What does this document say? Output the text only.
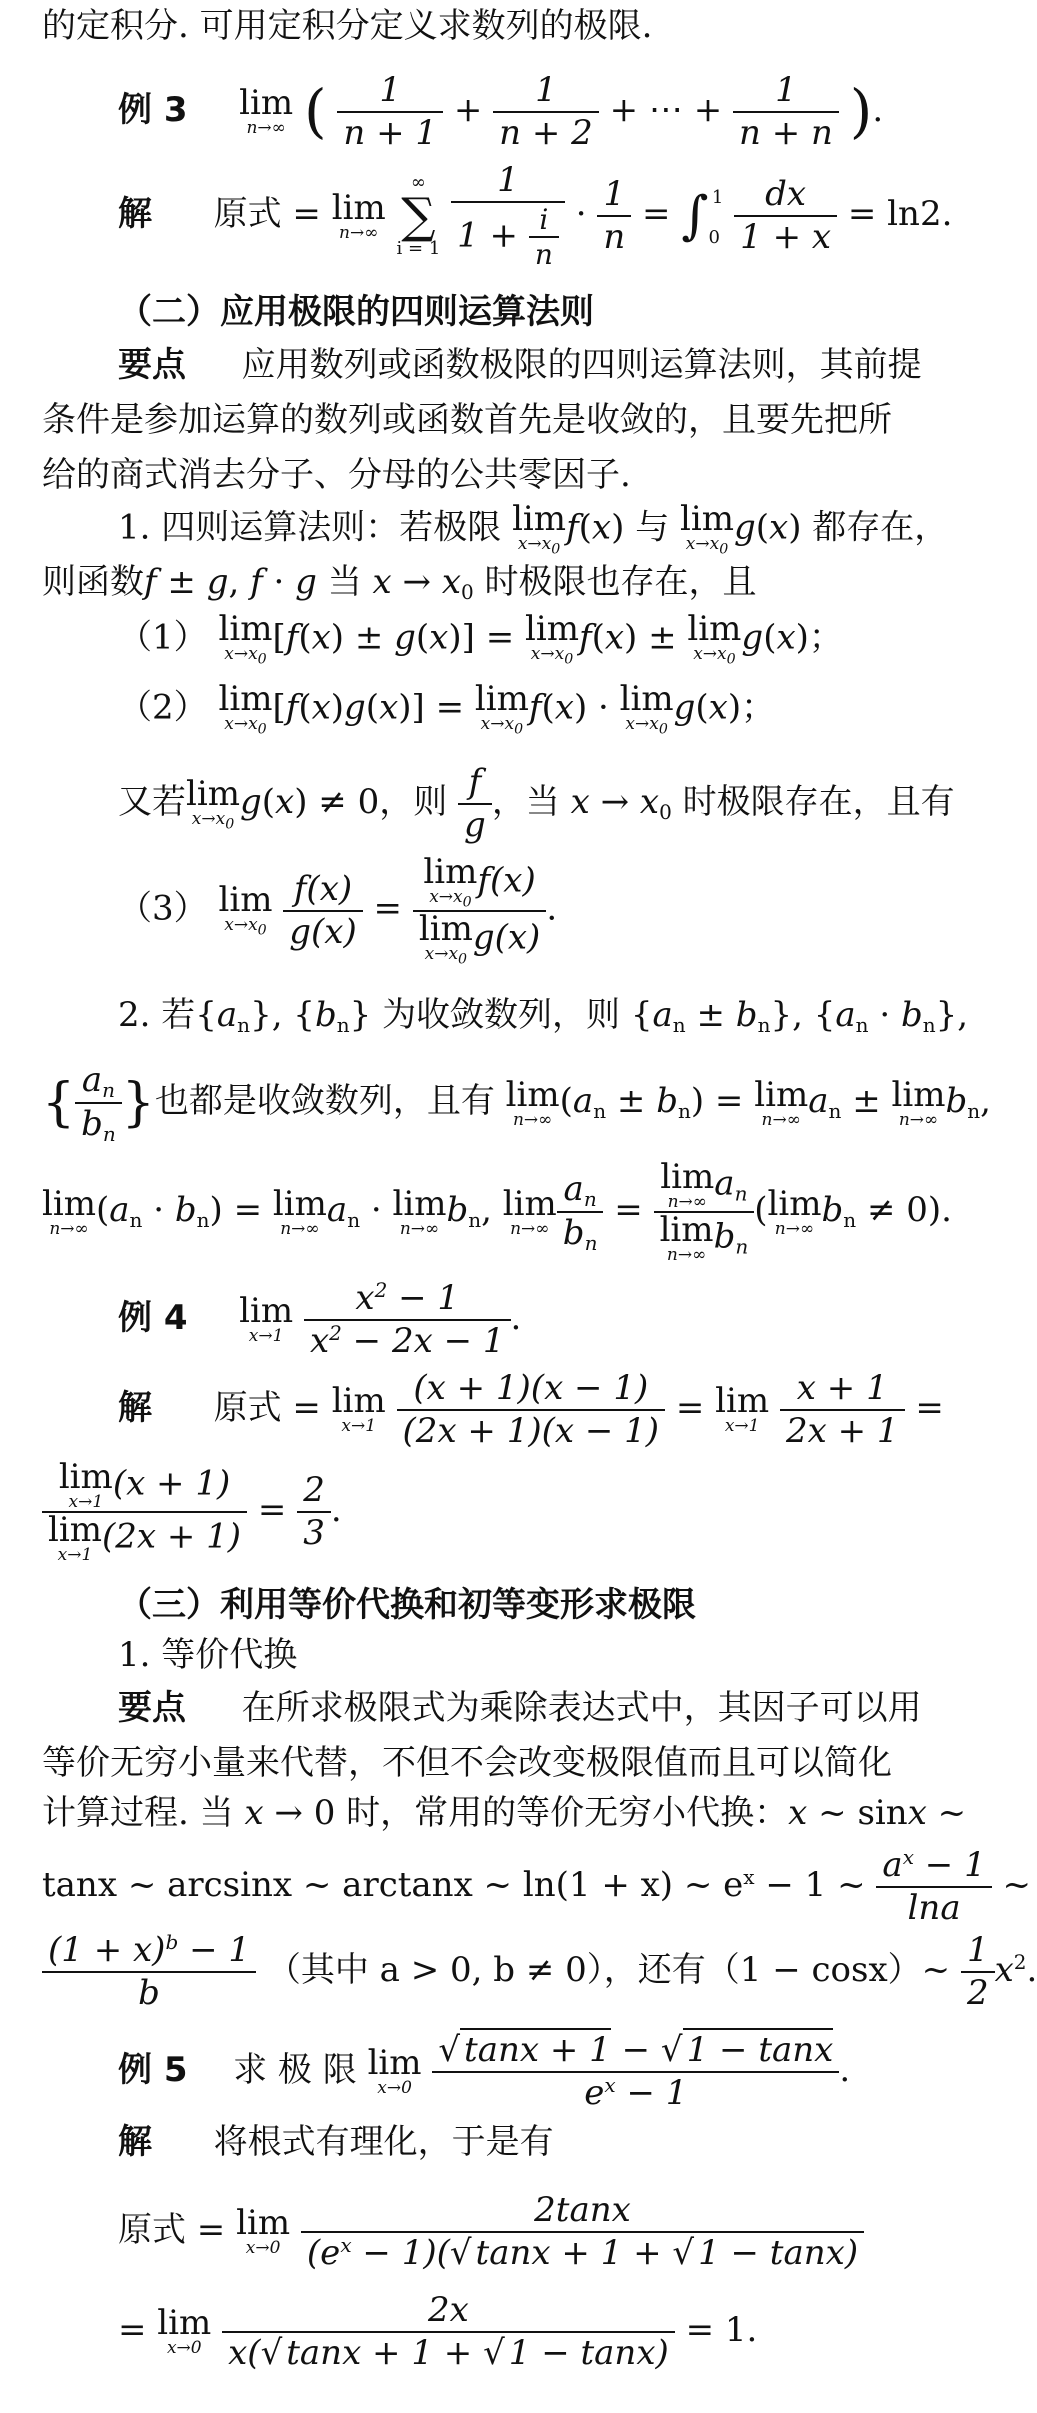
的定积分. 可用定积分定义求数列的极限.
例 3 lim
n→∞ ( $\frac{1}{n + 1} + \frac{1}{n + 2}$ + ⋯ + $\frac{1}{n + n}$ ).
解 原式 = lim
n→∞

∞
∑
i = 1
$\frac{1}{1 + \frac{i}{n}} \cdot \frac{1}{n} = \int_0^1 \frac{dx}{1 + x} = \ln 2$.
（二）应用极限的四则运算法则
要点 应用数列或函数极限的四则运算法则，其前提
条件是参加运算的数列或函数首先是收敛的，且要先把所
给的商式消去分子、分母的公共零因子.
1. 四则运算法则：若极限 lim
$x\to x_0$
f(x) 与 lim
$x\to x_0$
g(x) 都存在，
则函数f ± g, f · g 当 $x \to x_0$ 时极限也存在，且
（1） lim
$x\to x_0$
[f(x) ± g(x)] = lim
$x\to x_0$
f(x) ± lim
$x\to x_0$
g(x)；
（2） lim
$x\to x_0$
[f(x)g(x)] = lim
$x\to x_0$
f(x) · lim
$x\to x_0$
g(x)；
又若lim
$x\to x_0$
g(x) ≠ 0，则 $\frac{f}{g}$ ，当 $x \to x_0$ 时极限存在，且有
（3） lim
$x\to x_0$
$\frac{f(x)}{g(x)} = \lim$
$x\to x_0$
f(x)
lim
$x\to x_0$
g(x) .
2. 若$\{a_n\}$, $\{b_n\}$ 为收敛数列，则 $\{a_n \pm b_n\}$, $\{a_n \cdot b_n\}$,
{ $\frac{a_n}{b_n}$ }也都是收敛数列，且有 lim
n→∞ $(a_n \pm b_n) = \lim$
n→∞ $a_n \pm \lim$
n→∞ $b_n$,
lim
n→∞ $(a_n \cdot b_n) = \lim$
n→∞ $a_n \cdot \lim$
n→∞ $b_n$, lim
$n\to\infty \frac{a_n}{b_n} = \lim$
n→∞ $a_n$
lim
n→∞ $b_n$ (lim
n→∞ $b_n \ne 0$).
例 4 lim
x→1
$\frac{x^2 - 1}{x^2 - 2x - 1}$ .
解 原式 = lim
x→1
$\frac{(x + 1)(x - 1)}{(2x + 1)(x - 1)} = \lim$
x→1
$\frac{x + 1}{2x + 1}$ =
lim
x→1 (x + 1)
lim
x→1 $(2x + 1) = \frac{2}{3}$ .
（三）利用等价代换和初等变形求极限
1. 等价代换
要点 在所求极限式为乘除表达式中，其因子可以用
等价无穷小量来代替，不但不会改变极限值而且可以简化
计算过程. 当 x → 0 时，常用的等价无穷小代换：x ~ sinx ~
tanx ~ arcsinx ~ arctanx ~ ln(1 + x) ~ $e^x - 1$ ~ $\frac{a^x - 1}{\ln a}$ ~
$\frac{(1 + x)^b - 1}{b}$ （其中 a > 0, b ≠ 0），还有（1 − cosx）~ $\frac{1}{2} x^2$.
例 5 求 极 限 lim
x→0
$\frac{√ \tan x + 1 - √ 1 - \tan x}{e^x - 1}$ .
解 将根式有理化，于是有
原式 = lim
x→0
$\frac{2\tan x}{(e^x - 1)(√ \tan x + 1 + √ 1 - \tan x)}$
= lim
x→0
$\frac{2x}{x(√ \tan x + 1 + √ 1 - \tan x)} = 1$.
